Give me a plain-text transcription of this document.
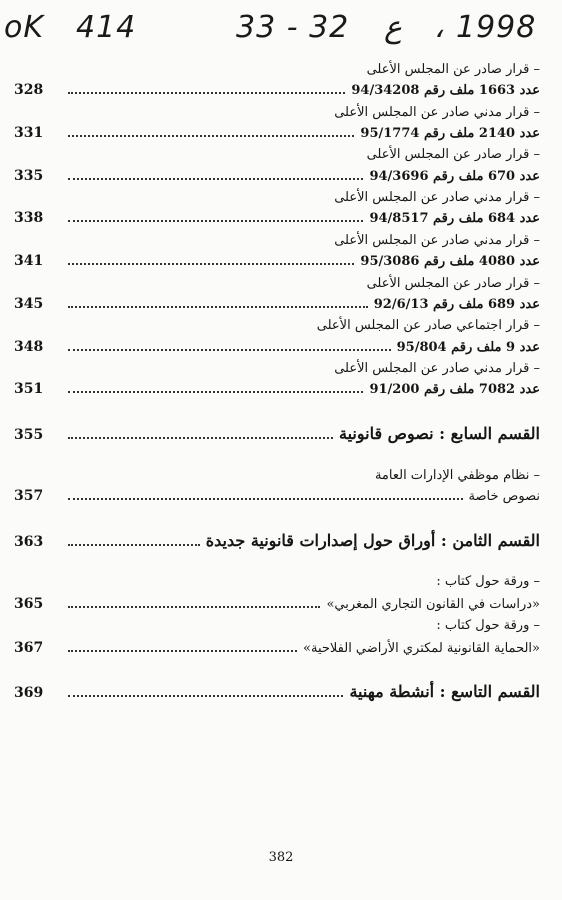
oK 414	33 - 32 ع ، 1998
– قرار صادر عن المجلس الأعلى
328	عدد 1663 ملف رقم 94/34208
– قرار مدني صادر عن المجلس الأعلى
331	عدد 2140 ملف رقم 95/1774
– قرار صادر عن المجلس الأعلى
335	عدد 670 ملف رقم 94/3696
– قرار مدني صادر عن المجلس الأعلى
338	عدد 684 ملف رقم 94/8517
– قرار مدني صادر عن المجلس الأعلى
341	عدد 4080 ملف رقم 95/3086
– قرار صادر عن المجلس الأعلى
345	عدد 689 ملف رقم 92/6/13
– قرار اجتماعي صادر عن المجلس الأعلى
348	عدد 9 ملف رقم 95/804
– قرار مدني صادر عن المجلس الأعلى
351	عدد 7082 ملف رقم 91/200
355	القسم السابع : نصوص قانونية
– نظام موظفي الإدارات العامة
357	نصوص خاصة
363	القسم الثامن : أوراق حول إصدارات قانونية جديدة
– ورقة حول كتاب :
365	«دراسات في القانون التجاري المغربي»
– ورقة حول كتاب :
367	«الحماية القانونية لمكتري الأراضي الفلاحية»
369	القسم التاسع : أنشطة مهنية
382
